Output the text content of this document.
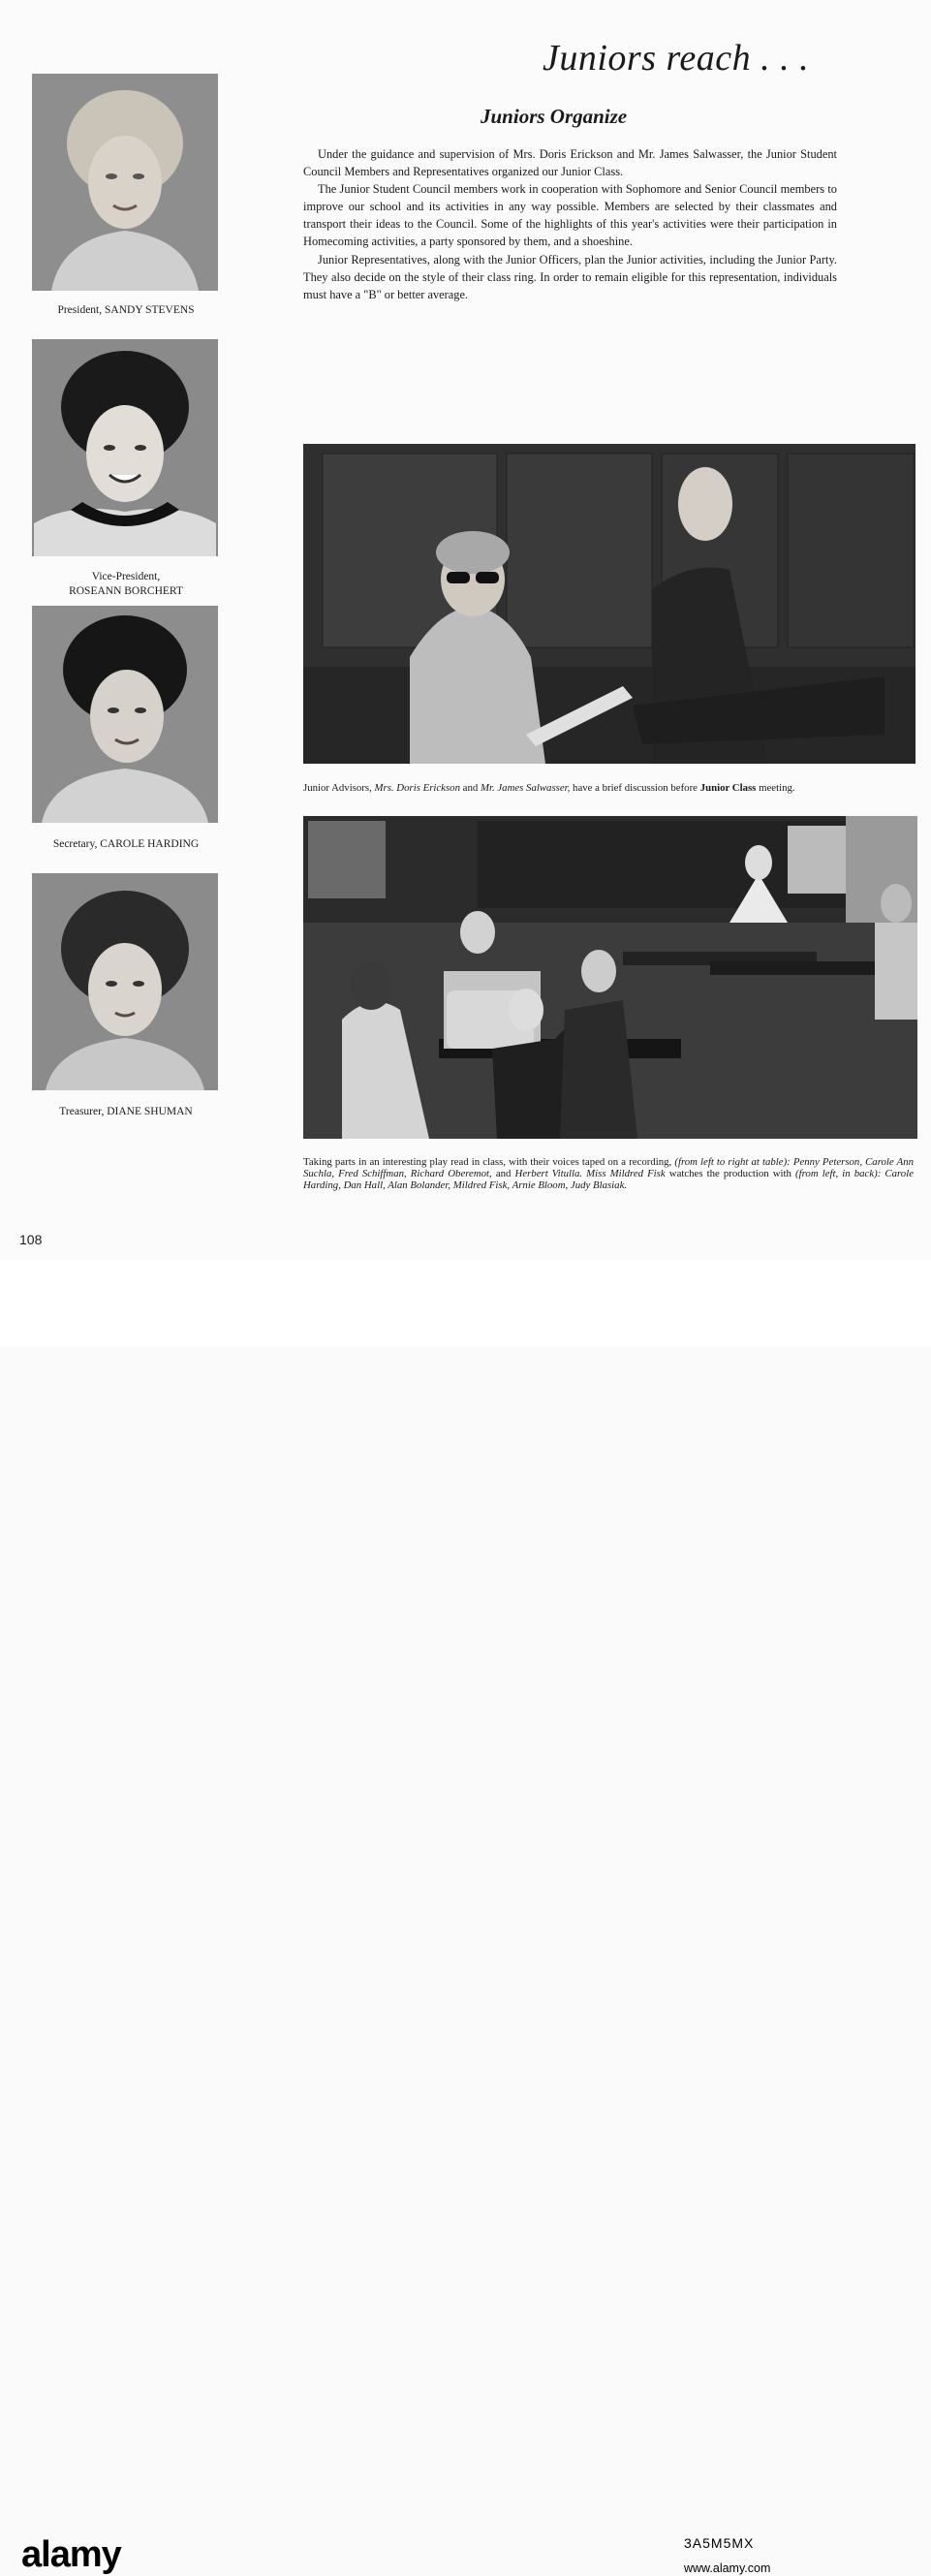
Juniors reach . . .
Juniors Organize

Under the guidance and supervision of Mrs. Doris Erickson and Mr. James Salwasser, the Junior Student Council Members and Representatives organized our Junior Class.

The Junior Student Council members work in cooperation with Sophomore and Senior Council members to improve our school and its activities in any way possible. Members are selected by their classmates and transport their ideas to the Council. Some of the highlights of this year's activities were their participation in Homecoming activities, a party sponsored by them, and a shoeshine.

Junior Representatives, along with the Junior Officers, plan the Junior activities, including the Junior Party. They also decide on the style of their class ring. In order to remain eligible for this representation, individuals must have a "B" or better average.

President, SANDY STEVENS
Vice-President,
ROSEANN BORCHERT
Secretary, CAROLE HARDING
Treasurer, DIANE SHUMAN
Junior Advisors, Mrs. Doris Erickson and Mr. James Salwasser, have a brief discussion before Junior Class meeting.
Taking parts in an interesting play read in class, with their voices taped on a recording, (from left to right at table): Penny Peterson, Carole Ann Suchla, Fred Schiffman, Richard Oberemot, and Herbert Vitulla. Miss Mildred Fisk watches the production with (from left, in back): Carole Harding, Dan Hall, Alan Bolander, Mildred Fisk, Arnie Bloom, Judy Blasiak.
108
alamy	3A5M5MX
www.alamy.com
